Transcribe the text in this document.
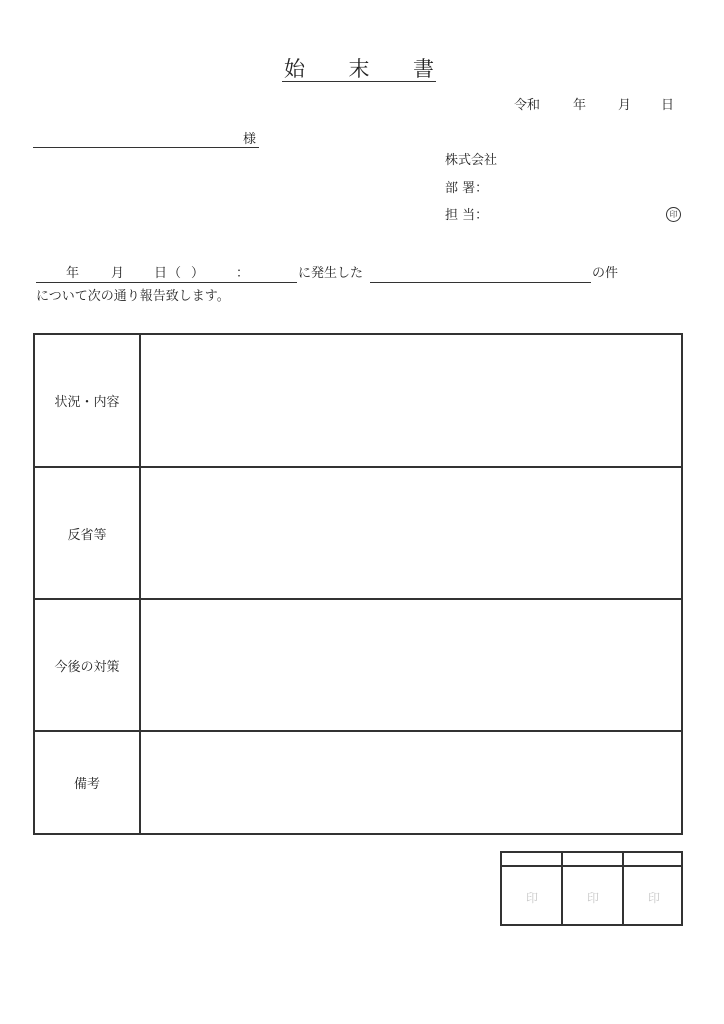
始 末 書
令和	年 月 日
様
株式会社
部 署：
担 当：	印
年 月 日 （ ） ：	に発生した	の件
について次の通り報告致します。
状況・内容
反省等
今後の対策
備考
印	印	印
